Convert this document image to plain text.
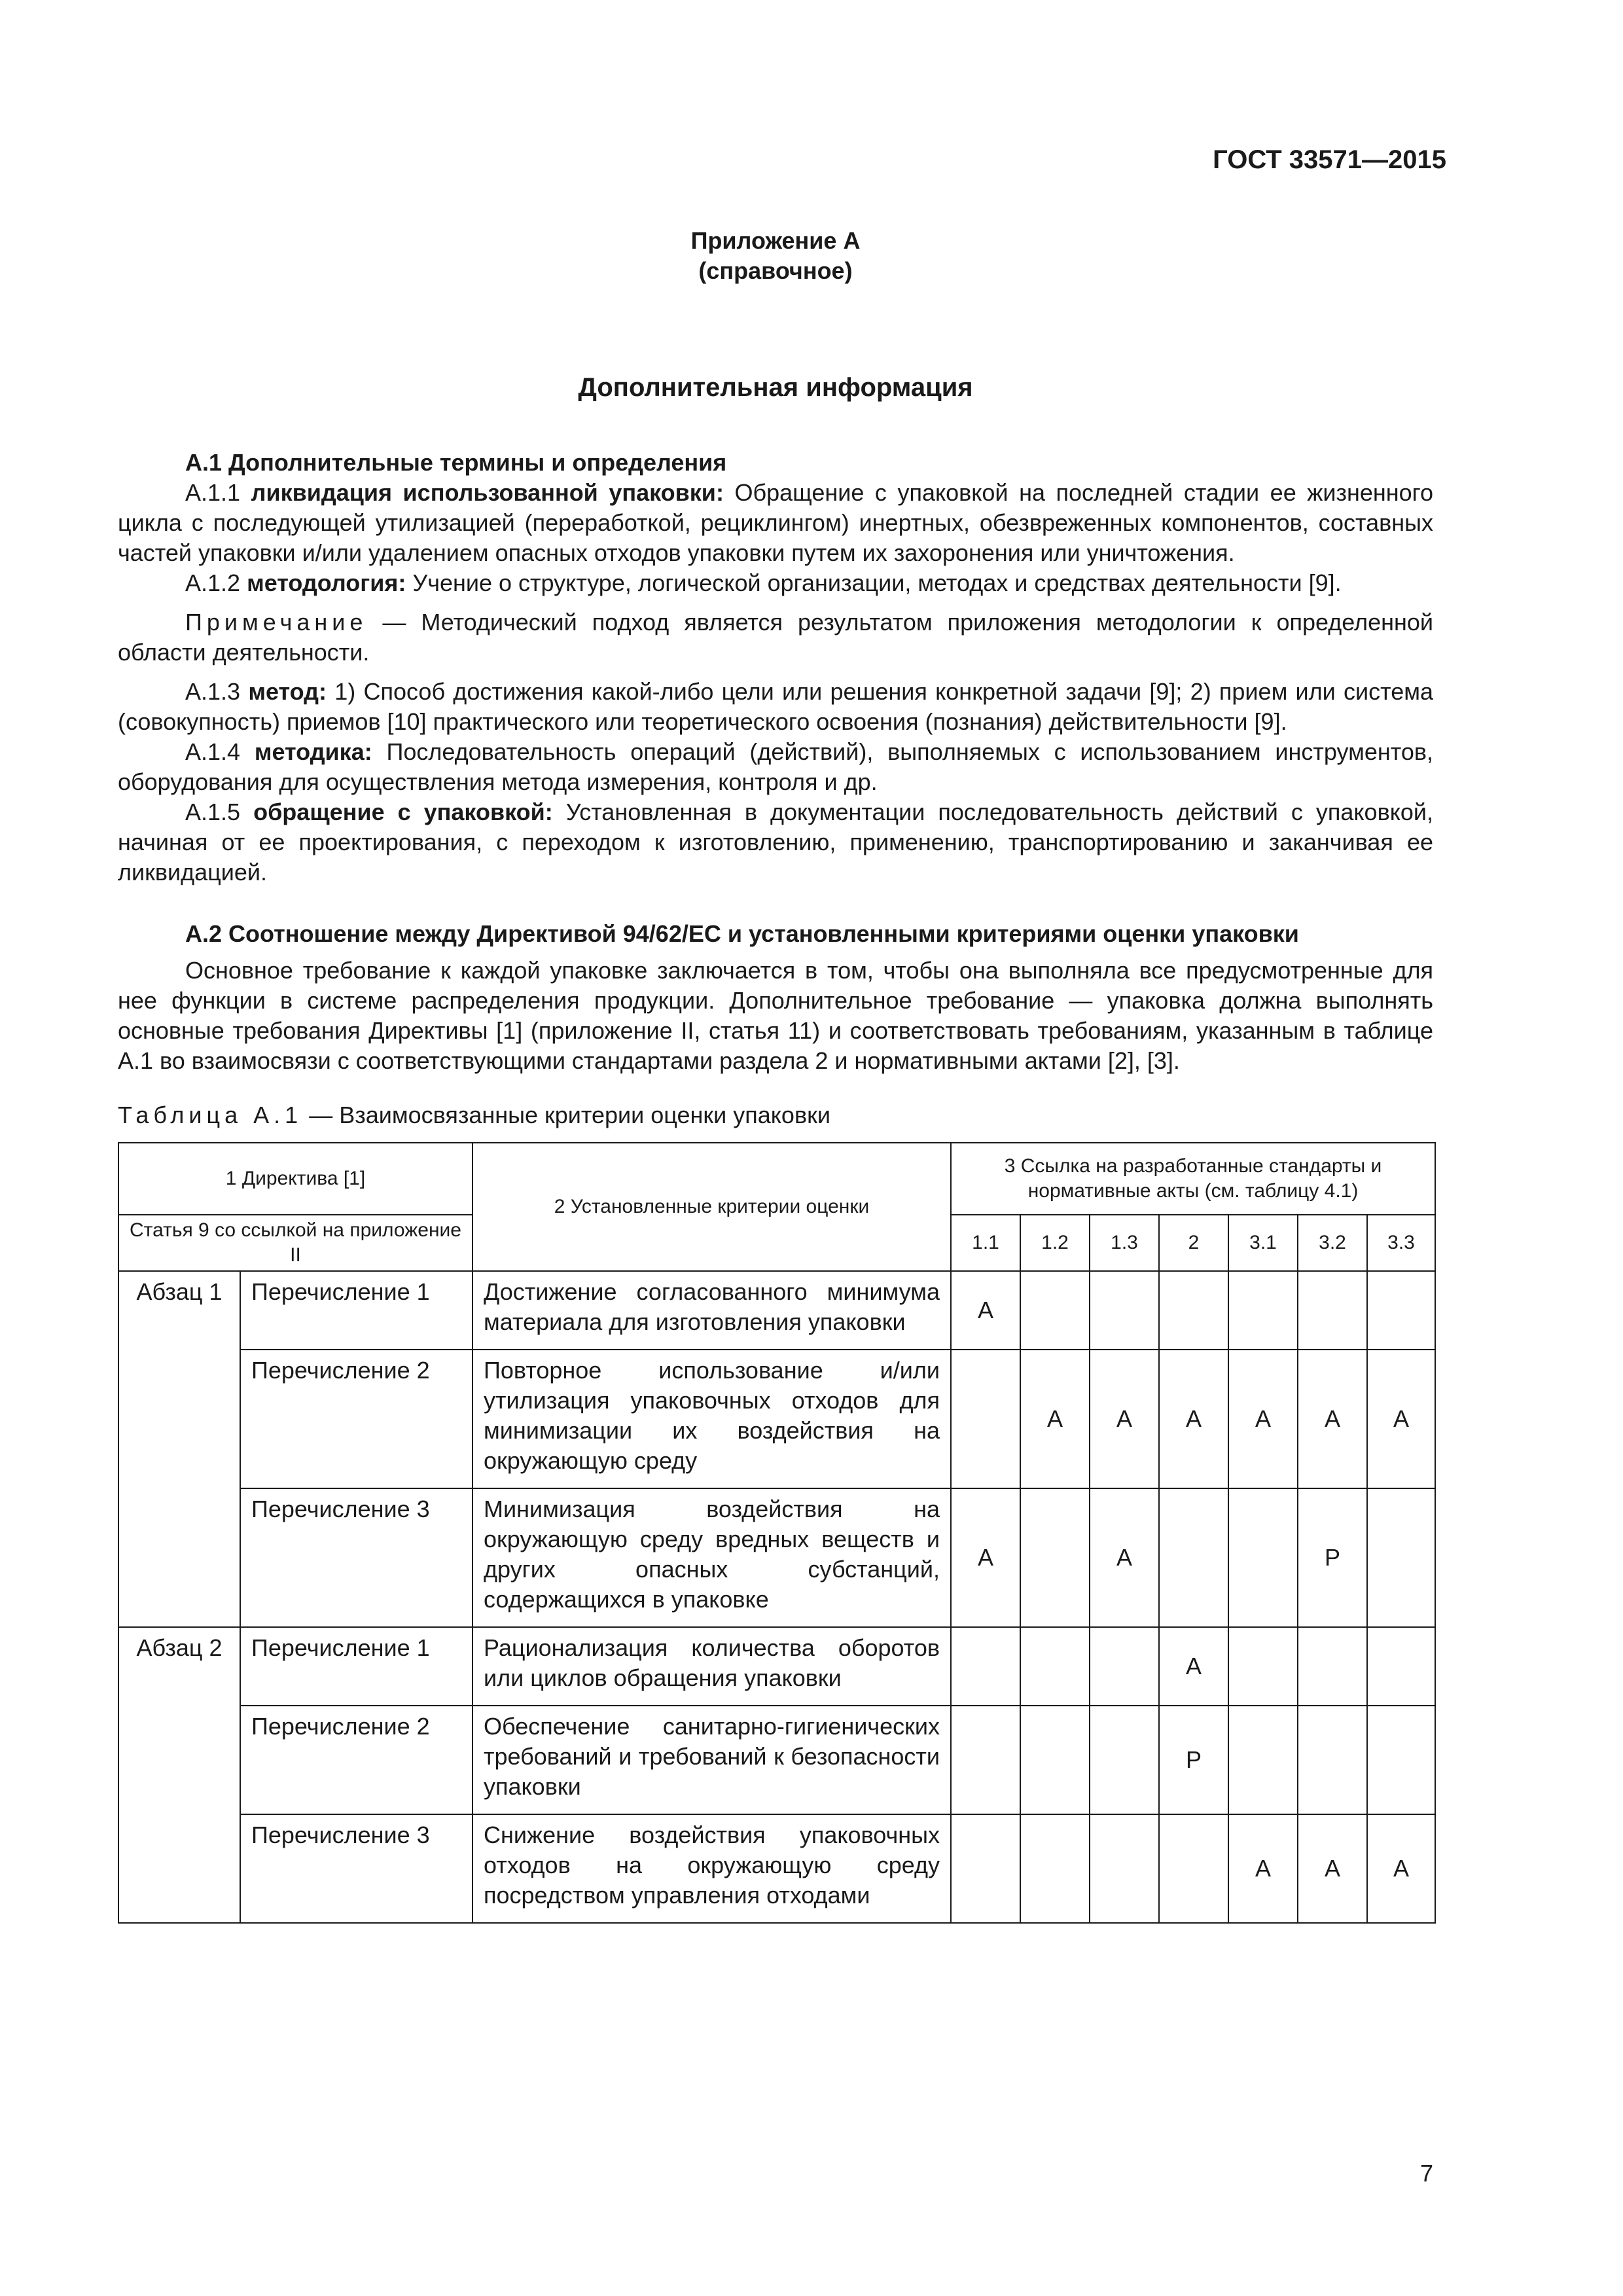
ГОСТ 33571—2015
Приложение А
(справочное)
Дополнительная информация

А.1 Дополнительные термины и определения

А.1.1 ликвидация использованной упаковки: Обращение с упаковкой на последней стадии ее жизненного цикла с последующей утилизацией (переработкой, рециклингом) инертных, обезвреженных компонентов, составных частей упаковки и/или удалением опасных отходов упаковки путем их захоронения или уничтожения.

А.1.2 методология: Учение о структуре, логической организации, методах и средствах деятельности [9].

Примечание — Методический подход является результатом приложения методологии к определенной области деятельности.

А.1.3 метод: 1) Способ достижения какой-либо цели или решения конкретной задачи [9]; 2) прием или система (совокупность) приемов [10] практического или теоретического освоения (познания) действительности [9].

А.1.4 методика: Последовательность операций (действий), выполняемых с использованием инструментов, оборудования для осуществления метода измерения, контроля и др.

А.1.5 обращение с упаковкой: Установленная в документации последовательность действий с упаковкой, начиная от ее проектирования, с переходом к изготовлению, применению, транспортированию и заканчивая ее ликвидацией.

А.2 Соотношение между Директивой 94/62/ЕС и установленными критериями оценки упаковки

Основное требование к каждой упаковке заключается в том, чтобы она выполняла все предусмотренные для нее функции в системе распределения продукции. Дополнительное требование — упаковка должна выполнять основные требования Директивы [1] (приложение II, статья 11) и соответствовать требованиям, указанным в таблице А.1 во взаимосвязи с соответствующими стандартами раздела 2 и нормативными актами [2], [3].

Таблица А.1 — Взаимосвязанные критерии оценки упаковки
1 Директива [1]		2 Установленные критерии оценки	3 Ссылка на разработанные стандарты и нормативные акты (см. таблицу 4.1)						
Статья 9 со ссылкой на приложение II			1.1	1.2	1.3	2	3.1	3.2	3.3

Абзац 1	Перечисление 1	Достижение согласованного минимума материала для изготовления упаковки	А						
	Перечисление 2	Повторное использование и/или утилизация упаковочных отходов для минимизации их воздействия на окружающую среду		А	А	А	А	А	А
	Перечисление 3	Минимизация воздействия на окружающую среду вредных веществ и других опасных субстанций, содержащихся в упаковке	А		А			Р	
Абзац 2	Перечисление 1	Рационализация количества оборотов или циклов обращения упаковки				А			
	Перечисление 2	Обеспечение санитарно-гигиенических требований и требований к безопасности упаковки				Р			
	Перечисление 3	Снижение воздействия упаковочных отходов на окружающую среду посредством управления отходами					А	А	А
7
